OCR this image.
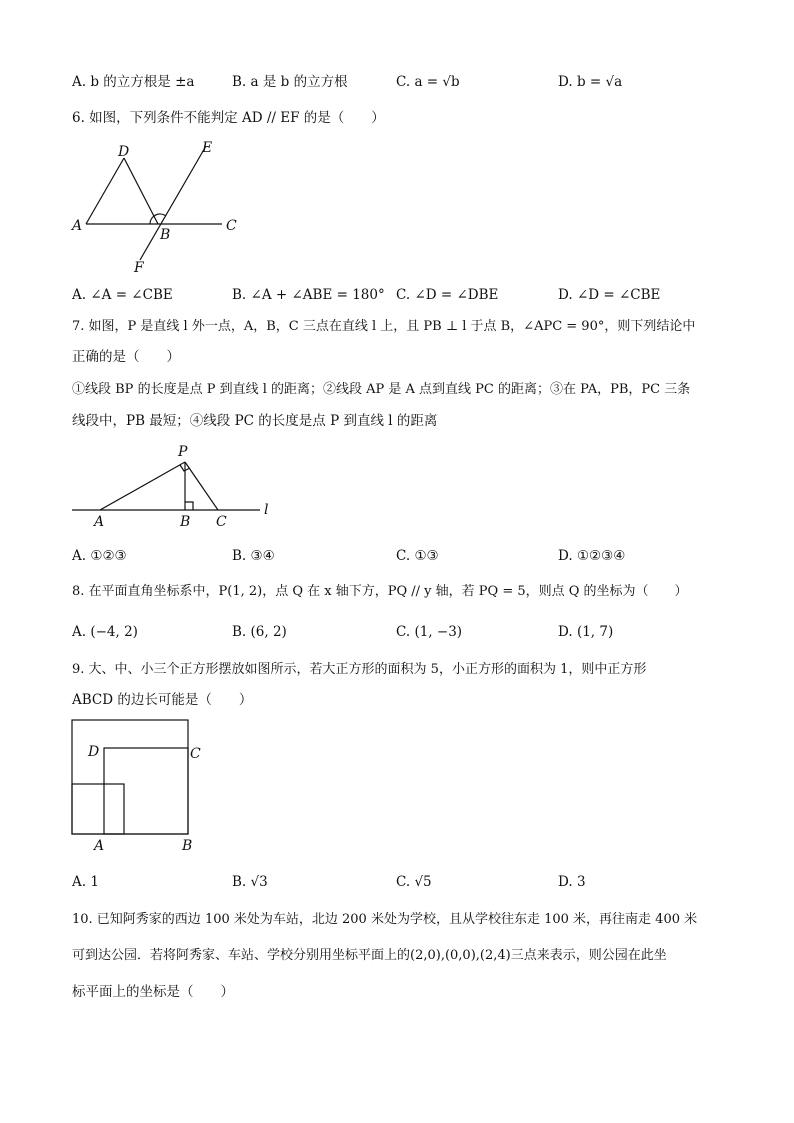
A. b 的立方根是 ±a	B. a 是 b 的立方根	C. a = √b	D. b = √a
6. 如图，下列条件不能判定 AD // EF 的是（　　）
D	E
A
B
C
F
A. ∠A = ∠CBE	B. ∠A + ∠ABE = 180° C. ∠D = ∠DBE	D. ∠D = ∠CBE
7. 如图，P 是直线 l 外一点，A，B，C 三点在直线 l 上，且 PB ⊥ l 于点 B，∠APC = 90°，则下列结论中
正确的是（　　）
①线段 BP 的长度是点 P 到直线 l 的距离；②线段 AP 是 A 点到直线 PC 的距离；③在 PA，PB，PC 三条
线段中，PB 最短；④线段 PC 的长度是点 P 到直线 l 的距离
P
A	B C
l
A. ①②③	B. ③④	C. ①③	D. ①②③④
8. 在平面直角坐标系中，P(1, 2)，点 Q 在 x 轴下方，PQ // y 轴，若 PQ = 5，则点 Q 的坐标为（　　）
A. (−4, 2)	B. (6, 2)	C. (1, −3)	D. (1, 7)
9. 大、中、小三个正方形摆放如图所示，若大正方形的面积为 5，小正方形的面积为 1，则中正方形
ABCD 的边长可能是（　　）
D	C
A	B
A. 1	B. √3	C. √5	D. 3
10. 已知阿秀家的西边 100 米处为车站，北边 200 米处为学校，且从学校往东走 100 米，再往南走 400 米
可到达公园．若将阿秀家、车站、学校分别用坐标平面上的(2,0),(0,0),(2,4)三点来表示，则公园在此坐
标平面上的坐标是（　　）
